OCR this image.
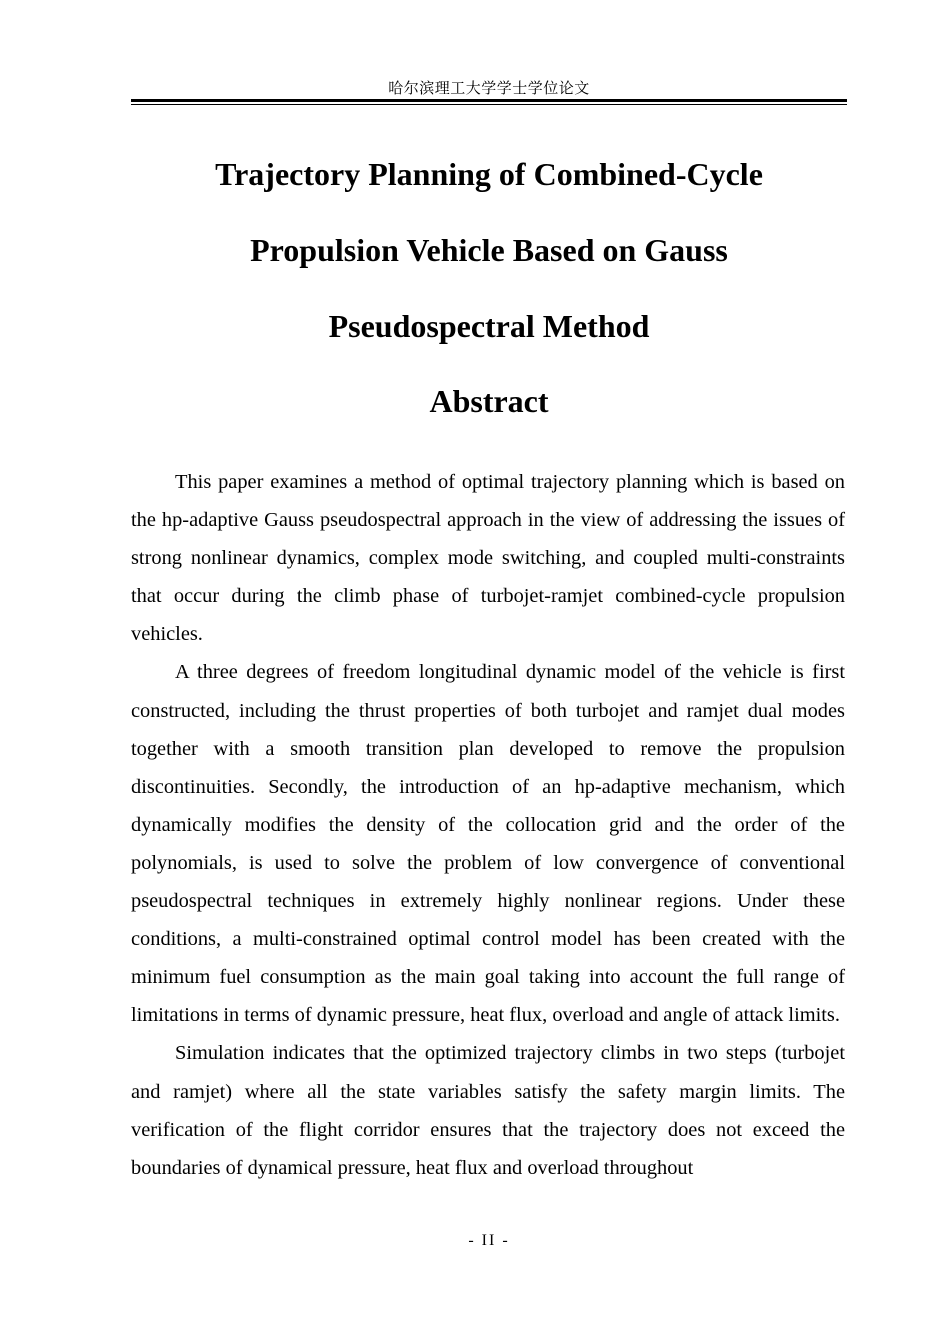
哈尔滨理工大学学士学位论文
Trajectory Planning of Combined-Cycle
Propulsion Vehicle Based on Gauss
Pseudospectral Method
Abstract

This paper examines a method of optimal trajectory planning which is based on the hp-adaptive Gauss pseudospectral approach in the view of addressing the issues of strong nonlinear dynamics, complex mode switching, and coupled multi-constraints that occur during the climb phase of turbojet-ramjet combined-cycle propulsion vehicles.

A three degrees of freedom longitudinal dynamic model of the vehicle is first constructed, including the thrust properties of both turbojet and ramjet dual modes together with a smooth transition plan developed to remove the propulsion discontinuities. Secondly, the introduction of an hp-adaptive mechanism, which dynamically modifies the density of the collocation grid and the order of the polynomials, is used to solve the problem of low convergence of conventional pseudospectral techniques in extremely highly nonlinear regions. Under these conditions, a multi-constrained optimal control model has been created with the minimum fuel consumption as the main goal taking into account the full range of limitations in terms of dynamic pressure, heat flux, overload and angle of attack limits.

Simulation indicates that the optimized trajectory climbs in two steps (turbojet and ramjet) where all the state variables satisfy the safety margin limits. The verification of the flight corridor ensures that the trajectory does not exceed the boundaries of dynamical pressure, heat flux and overload throughout

- II -
